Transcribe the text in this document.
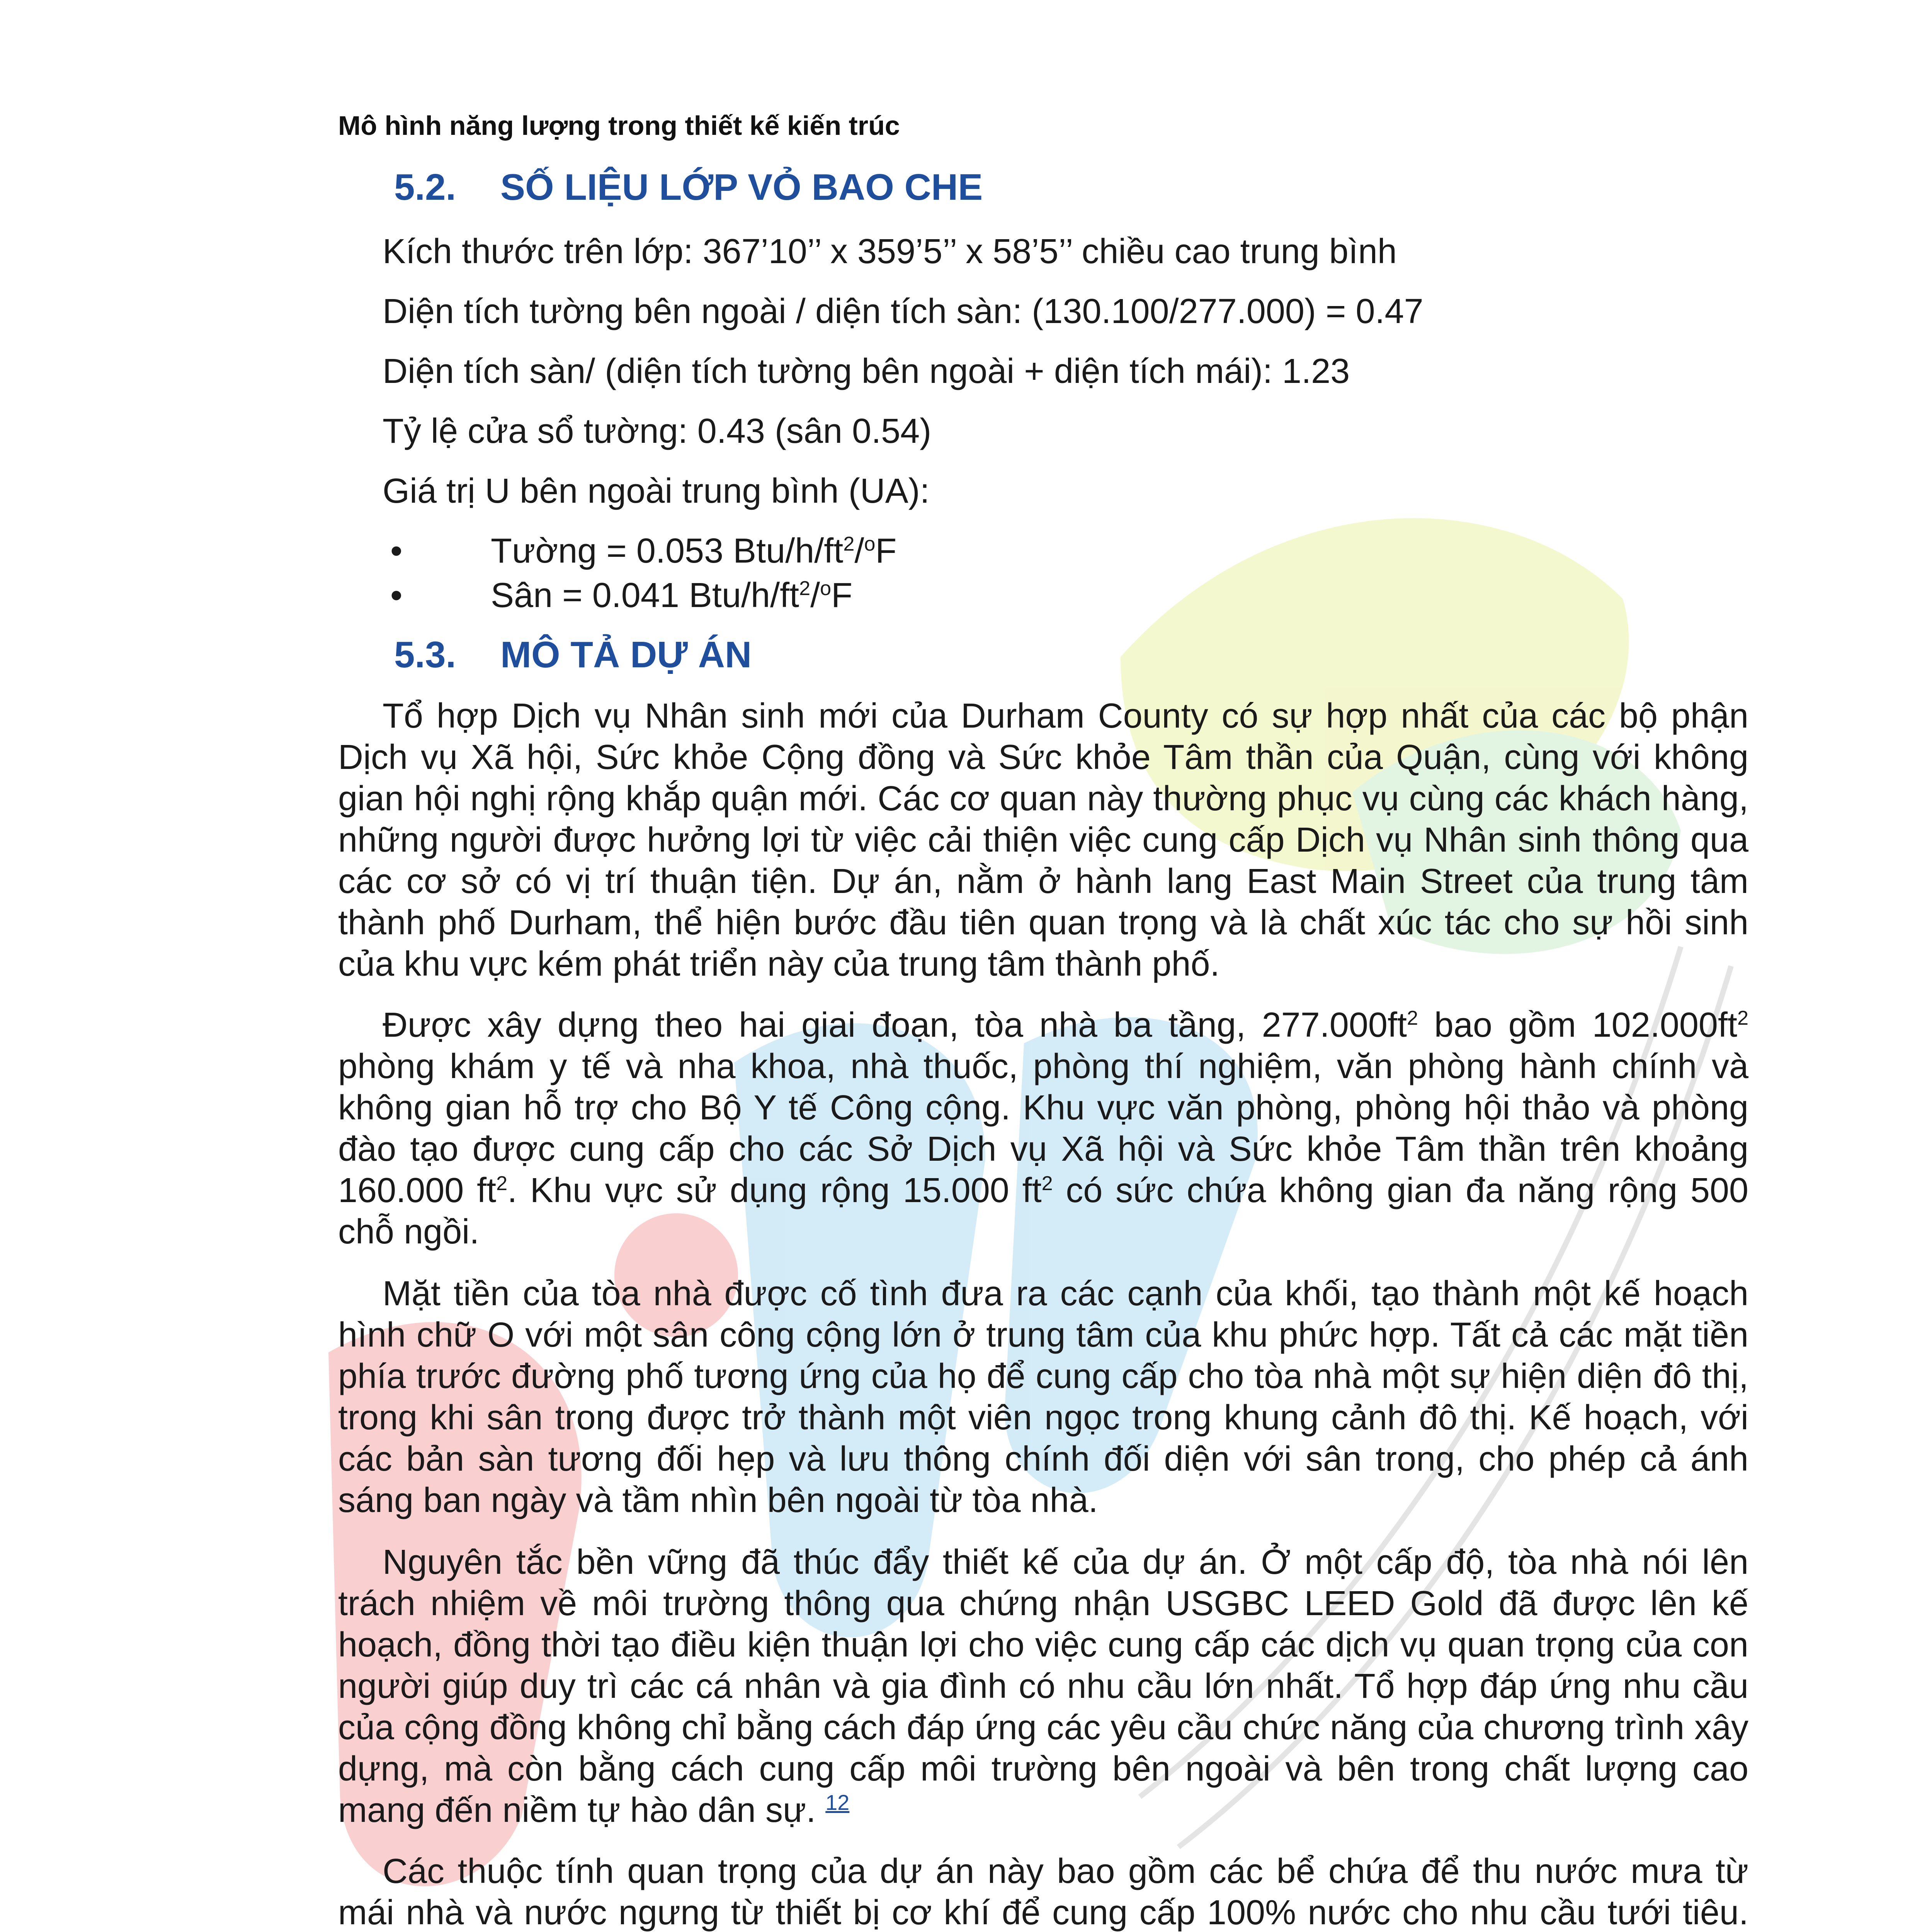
Mô hình năng lượng trong thiết kế kiến trúc
5.2. SỐ LIỆU LỚP VỎ BAO CHE
Kích thước trên lớp: 367’10’’ x 359’5’’ x 58’5’’ chiều cao trung bình
Diện tích tường bên ngoài / diện tích sàn: (130.100/277.000) = 0.47
Diện tích sàn/ (diện tích tường bên ngoài + diện tích mái): 1.23
Tỷ lệ cửa sổ tường: 0.43 (sân 0.54)
Giá trị U bên ngoài trung bình (UA):
•	Tường = 0.053 Btu/$h/ft^2/^oF$
•	Sân = 0.041 Btu/$h/ft^2/^oF$
5.3. MÔ TẢ DỰ ÁN

Tổ hợp Dịch vụ Nhân sinh mới của Durham County có sự hợp nhất của các bộ phận Dịch vụ Xã hội, Sức khỏe Cộng đồng và Sức khỏe Tâm thần của Quận, cùng với không gian hội nghị rộng khắp quận mới. Các cơ quan này thường phục vụ cùng các khách hàng, những người được hưởng lợi từ việc cải thiện việc cung cấp Dịch vụ Nhân sinh thông qua các cơ sở có vị trí thuận tiện. Dự án, nằm ở hành lang East Main Street của trung tâm thành phố Durham, thể hiện bước đầu tiên quan trọng và là chất xúc tác cho sự hồi sinh của khu vực kém phát triển này của trung tâm thành phố.

Được xây dựng theo hai giai đoạn, tòa nhà ba tầng, $277.000ft^2$ bao gồm $102.000ft^2$ phòng khám y tế và nha khoa, nhà thuốc, phòng thí nghiệm, văn phòng hành chính và không gian hỗ trợ cho Bộ Y tế Công cộng. Khu vực văn phòng, phòng hội thảo và phòng đào tạo được cung cấp cho các Sở Dịch vụ Xã hội và Sức khỏe Tâm thần trên khoảng 160.000 $ft^2$. Khu vực sử dụng rộng 15.000 $ft^2$ có sức chứa không gian đa năng rộng 500 chỗ ngồi.

Mặt tiền của tòa nhà được cố tình đưa ra các cạnh của khối, tạo thành một kế hoạch hình chữ O với một sân công cộng lớn ở trung tâm của khu phức hợp. Tất cả các mặt tiền phía trước đường phố tương ứng của họ để cung cấp cho tòa nhà một sự hiện diện đô thị, trong khi sân trong được trở thành một viên ngọc trong khung cảnh đô thị. Kế hoạch, với các bản sàn tương đối hẹp và lưu thông chính đối diện với sân trong, cho phép cả ánh sáng ban ngày và tầm nhìn bên ngoài từ tòa nhà.

Nguyên tắc bền vững đã thúc đẩy thiết kế của dự án. Ở một cấp độ, tòa nhà nói lên trách nhiệm về môi trường thông qua chứng nhận USGBC LEED Gold đã được lên kế hoạch, đồng thời tạo điều kiện thuận lợi cho việc cung cấp các dịch vụ quan trọng của con người giúp duy trì các cá nhân và gia đình có nhu cầu lớn nhất. Tổ hợp đáp ứng nhu cầu của cộng đồng không chỉ bằng cách đáp ứng các yêu cầu chức năng của chương trình xây dựng, mà còn bằng cách cung cấp môi trường bên ngoài và bên trong chất lượng cao mang đến niềm tự hào dân sự. $^{12}$

Các thuộc tính quan trọng của dự án này bao gồm các bể chứa để thu nước mưa từ mái nhà và nước ngưng từ thiết bị cơ khí để cung cấp 100% nước cho nhu cầu tưới tiêu.
